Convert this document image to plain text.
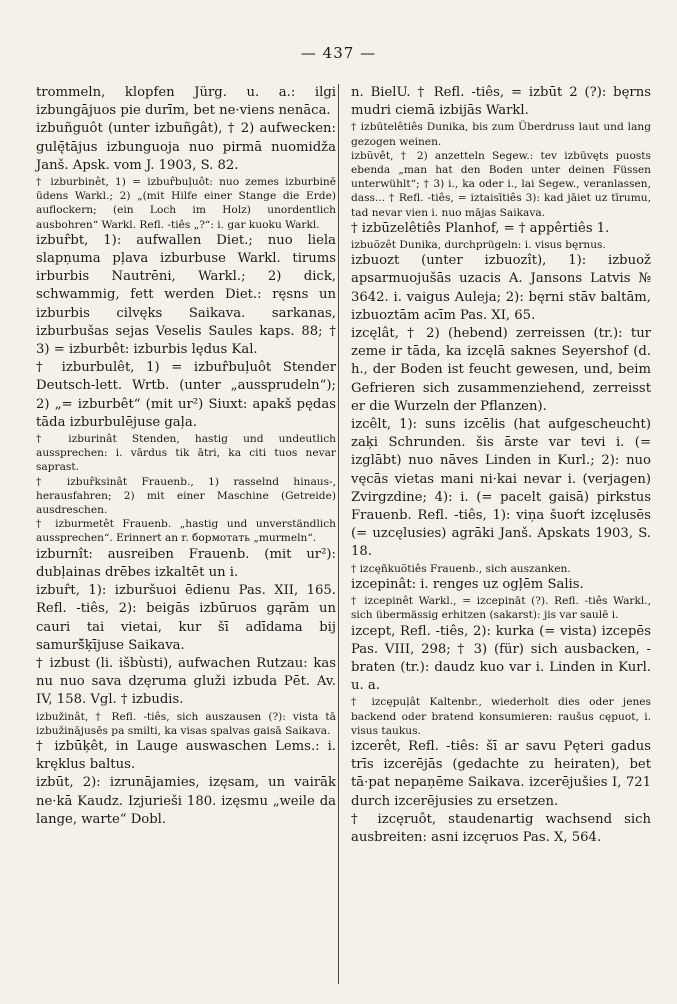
— 437 —

trommeln, klopfen Jürg. u. a.: ilgi izbungājuos pie durīm, bet ne·viens nenāca.

izbuñguôt (unter izbuñgât), † 2) aufwecken: gulę̄tājus izbunguoja nuo pirmā nuomidža Janš. Apsk. vom J. 1903, S. 82.

† izburbinêt, 1) = izbur̂buļuôt: nuo zemes izburbinē ūdens Warkl.; 2) „(mit Hilfe einer Stange die Erde) auflockern; (ein Loch im Holz) unordentlich ausbohren“ Warkl. Refl. -tiês „?“: i. gar kuoku Warkl.

izbur̂bt, 1): aufwallen Diet.; nuo liela slapņuma pļava izburbuse Warkl. tirums irburbis Nautrēni, Warkl.; 2) dick, schwammig, fett werden Diet.: ręsns un izburbis cilvęks Saikava. sarkanas, izburbušas sejas Veselis Saules kaps. 88; † 3) = izburbêt: izburbis lędus Kal.

† izburbulêt, 1) = izbur̂buļuôt Stender Deutsch-lett. Wrtb. (unter „aussprudeln“); 2) „= izburbêt“ (mit ur²) Siuxt: apakš pędas tāda izburbulējuse gaļa.

† izburinât Stenden, hastig und undeutlich aussprechen: i. vārdus tik ātri, ka citi tuos nevar saprast.

† izbur̂ksinât Frauenb., 1) rasselnd hinaus-, herausfahren; 2) mit einer Maschine (Getreide) ausdreschen.

† izburmetêt Frauenb. „hastig und unverständlich aussprechen“. Erinnert an r. бормотать „murmeln“.

izburnît: ausreiben Frauenb. (mit ur²): dubļainas drēbes izkaltēt un i.

izbur̂t, 1): izburšuoi ēdienu Pas. XII, 165. Refl. -tiês, 2): beigās izbūruos gąrām un cauri tai vietai, kur šī adīdama bij samurš̃ķījuse Saikava.

† izbust (li. išbùsti), aufwachen Rutzau: kas nu nuo sava dzęruma gluži izbuda Pēt. Av. IV, 158. Vgl. † izbudis.

izbužinât, † Refl. -tiês, sich auszausen (?): vista tā izbužinājusēs pa smilti, ka visas spalvas gaisā Saikava.

† izbūķêt, in Lauge auswaschen Lems.: i. kręklus baltus.

izbūt, 2): izrunājamies, izęsam, un vairāk ne·kā Kaudz. Izjurieši 180. izęsmu „weile da lange, warte“ Dobl.

n. BielU. † Refl. -tiês, = izbūt 2 (?): bęrns mudri ciemā izbijās Warkl.

† izbūtelêtiês Dunika, bis zum Überdruss laut und lang gezogen weinen.

izbũvêt, † 2) anzetteln Segew.: tev izbūvęts puosts ebenda „man hat den Boden unter deinen Füssen unterwühlt“; † 3) i., ka oder i., lai Segew., veranlassen, dass... † Refl. -tiês, = iztaisītiês 3): kad jāiet uz tīrumu, tad nevar vien i. nuo mājas Saikava.

† izbūzelêtiês Planhof, = † appêrtiês 1.

izbuõzêt Dunika, durchprügeln: i. visus bęrnus.

izbuozt (unter izbuozît), 1): izbuož apsarmuojušās uzacis A. Jansons Latvis № 3642. i. vaigus Auleja; 2): bęrni stāv baltām, izbuoztām acīm Pas. XI, 65.

izcęlât, † 2) (hebend) zerreissen (tr.): tur zeme ir tāda, ka izcęlā saknes Seyershof (d. h., der Boden ist feucht gewesen, und, beim Gefrieren sich zusammenziehend, zerreisst er die Wurzeln der Pflanzen).

izcêlt, 1): suns izcēlis (hat aufgescheucht) zaķi Schrunden. šis ārste var tevi i. (= izglābt) nuo nāves Linden in Kurl.; 2): nuo vęcās vietas mani ni·kai nevar i. (verjagen) Zvirgzdine; 4): i. (= pacelt gaisā) pirkstus Frauenb. Refl. -tiês, 1): viņa šuoŕt izcęlusēs (= uzcęlusies) agrāki Janš. Apskats 1903, S. 18.

† izcęñkuõtiês Frauenb., sich auszanken.

izcepinât: i. renges uz ogļēm Salis.

† izcepinêt Warkl., = izcepināt (?). Refl. -tiês Warkl., sich übermässig erhitzen (sakarst): jis var saulē i.

izcept, Refl. -tiês, 2): kurka (= vista) izcepēs Pas. VIII, 298; † 3) (für) sich ausbacken, -braten (tr.): daudz kuo var i. Linden in Kurl. u. a.

† izcępuļât Kaltenbr., wiederholt dies oder jenes backend oder bratend konsumieren: raušus cępuot, i. visus taukus.

izcerêt, Refl. -tiês: šī ar savu Pęteri gadus trīs izcerējās (gedachte zu heiraten), bet tā·pat nepaņēme Saikava. izcerējušies I, 721 durch izcerējusies zu ersetzen.

† izcęruôt, staudenartig wachsend sich ausbreiten: asni izcęruos Pas. X, 564.
